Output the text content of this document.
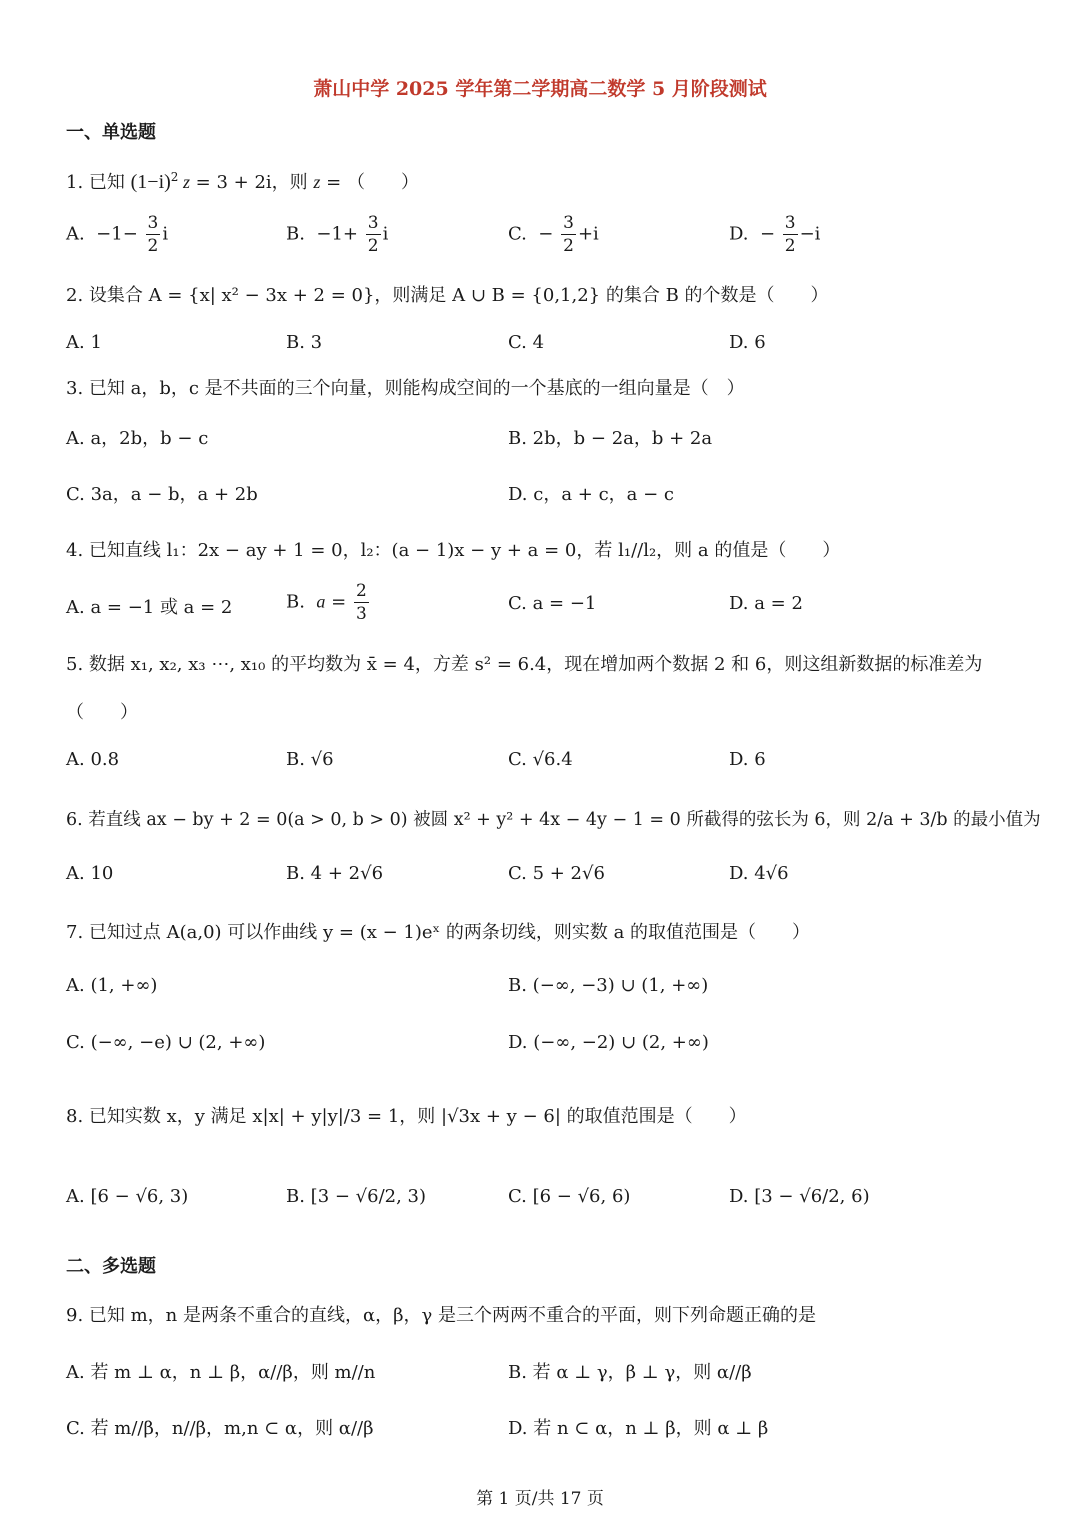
萧山中学 2025 学年第二学期高二数学 5 月阶段测试
一、单选题
1. 已知 $(1-i)^2$ z = 3 + 2i，则 z = （　　）
A.  $-1- \frac{3}{2}$ i	B.  $-1+ \frac{3}{2}$ i	C.  − $\frac{3}{2} +i$	D.  − $\frac{3}{2} -i$
2. 设集合 A = {x| x² − 3x + 2 = 0}，则满足 A ∪ B = {0,1,2} 的集合 B 的个数是（　　）
A. 1	B. 3	C. 4	D. 6
3. 已知 a，b，c 是不共面的三个向量，则能构成空间的一个基底的一组向量是（　）
A. a，2b，b − c	B. 2b，b − 2a，b + 2a
C. 3a，a − b，a + 2b	D. c，a + c，a − c
4. 已知直线 l₁：2x − ay + 1 = 0，l₂：(a − 1)x − y + a = 0，若 l₁//l₂，则 a 的值是（　　）
A. a = −1 或 a = 2	B.  $a = \frac{2}{3}$	C. a = −1	D. a = 2
5. 数据 x₁, x₂, x₃ ⋯, x₁₀ 的平均数为 x̄ = 4，方差 s² = 6.4，现在增加两个数据 2 和 6，则这组新数据的标准差为
（　　）
A. 0.8	B. √6	C. √6.4	D. 6
6. 若直线 ax − by + 2 = 0(a > 0, b > 0) 被圆 x² + y² + 4x − 4y − 1 = 0 所截得的弦长为 6，则 2/a + 3/b 的最小值为
A. 10	B. 4 + 2√6	C. 5 + 2√6	D. 4√6
7. 已知过点 A(a,0) 可以作曲线 y = (x − 1)eˣ 的两条切线，则实数 a 的取值范围是（　　）
A. (1, +∞)	B. (−∞, −3) ∪ (1, +∞)
C. (−∞, −e) ∪ (2, +∞)	D. (−∞, −2) ∪ (2, +∞)
8. 已知实数 x，y 满足 x|x| + y|y|/3 = 1，则 |√3x + y − 6| 的取值范围是（　　）
A. [6 − √6, 3)	B. [3 − √6/2, 3)	C. [6 − √6, 6)	D. [3 − √6/2, 6)
二、多选题
9. 已知 m，n 是两条不重合的直线，α，β，γ 是三个两两不重合的平面，则下列命题正确的是
A. 若 m ⊥ α，n ⊥ β，α//β，则 m//n	B. 若 α ⊥ γ，β ⊥ γ，则 α//β
C. 若 m//β，n//β，m,n ⊂ α，则 α//β	D. 若 n ⊂ α，n ⊥ β，则 α ⊥ β
第 1 页/共 17 页
